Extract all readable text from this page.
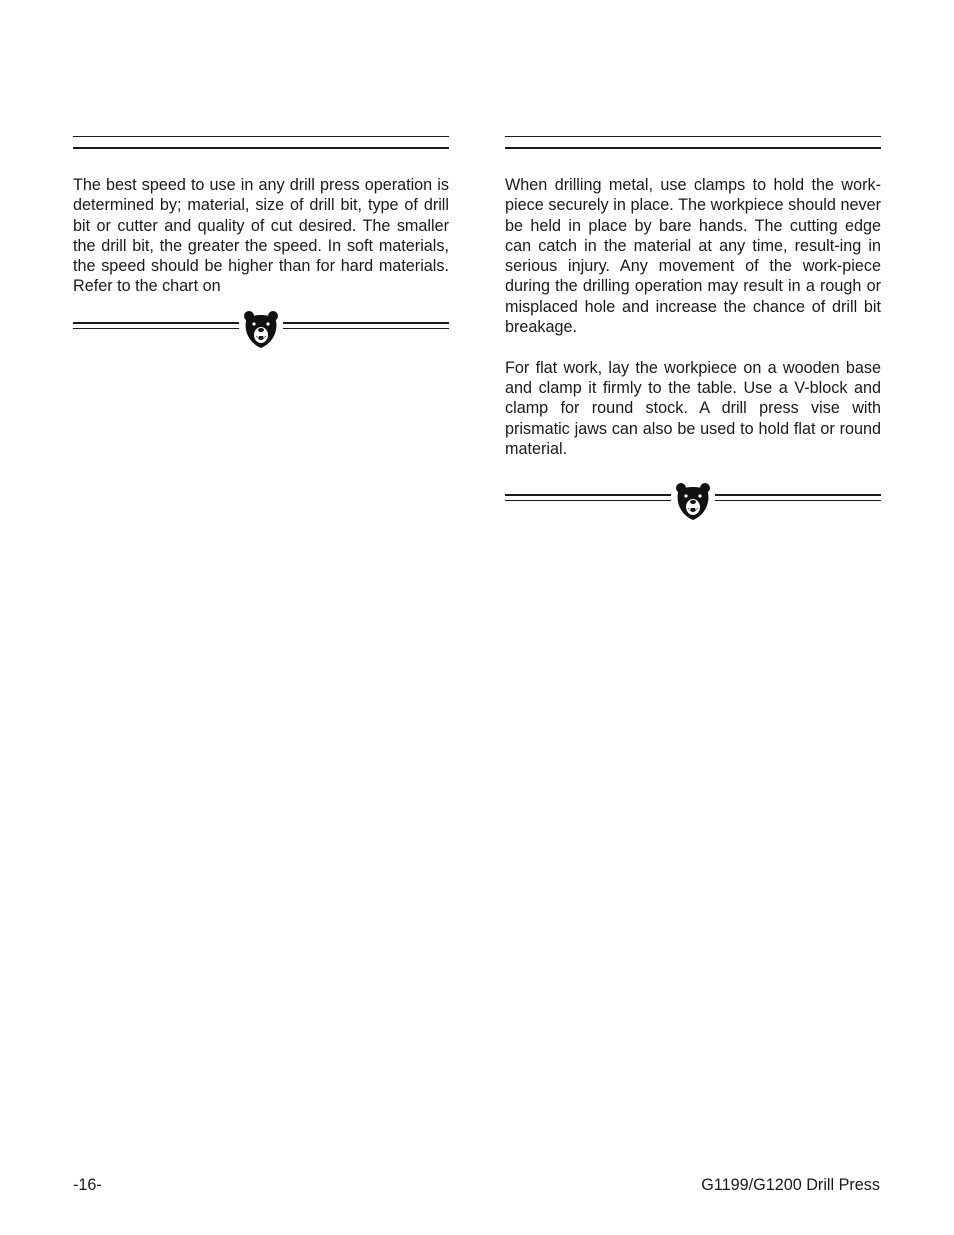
The best speed to use in any drill press operation is determined by; material, size of drill bit, type of drill bit or cutter and quality of cut desired. The smaller the drill bit, the greater the speed. In soft materials, the speed should be higher than for hard materials. Refer to the chart on

When drilling metal, use clamps to hold the work-piece securely in place. The workpiece should never be held in place by bare hands. The cutting edge can catch in the material at any time, result-ing in serious injury. Any movement of the work-piece during the drilling operation may result in a rough or misplaced hole and increase the chance of drill bit breakage.

For flat work, lay the workpiece on a wooden base and clamp it firmly to the table. Use a V-block and clamp for round stock. A drill press vise with prismatic jaws can also be used to hold flat or round material.

-16-	G1199/G1200 Drill Press
